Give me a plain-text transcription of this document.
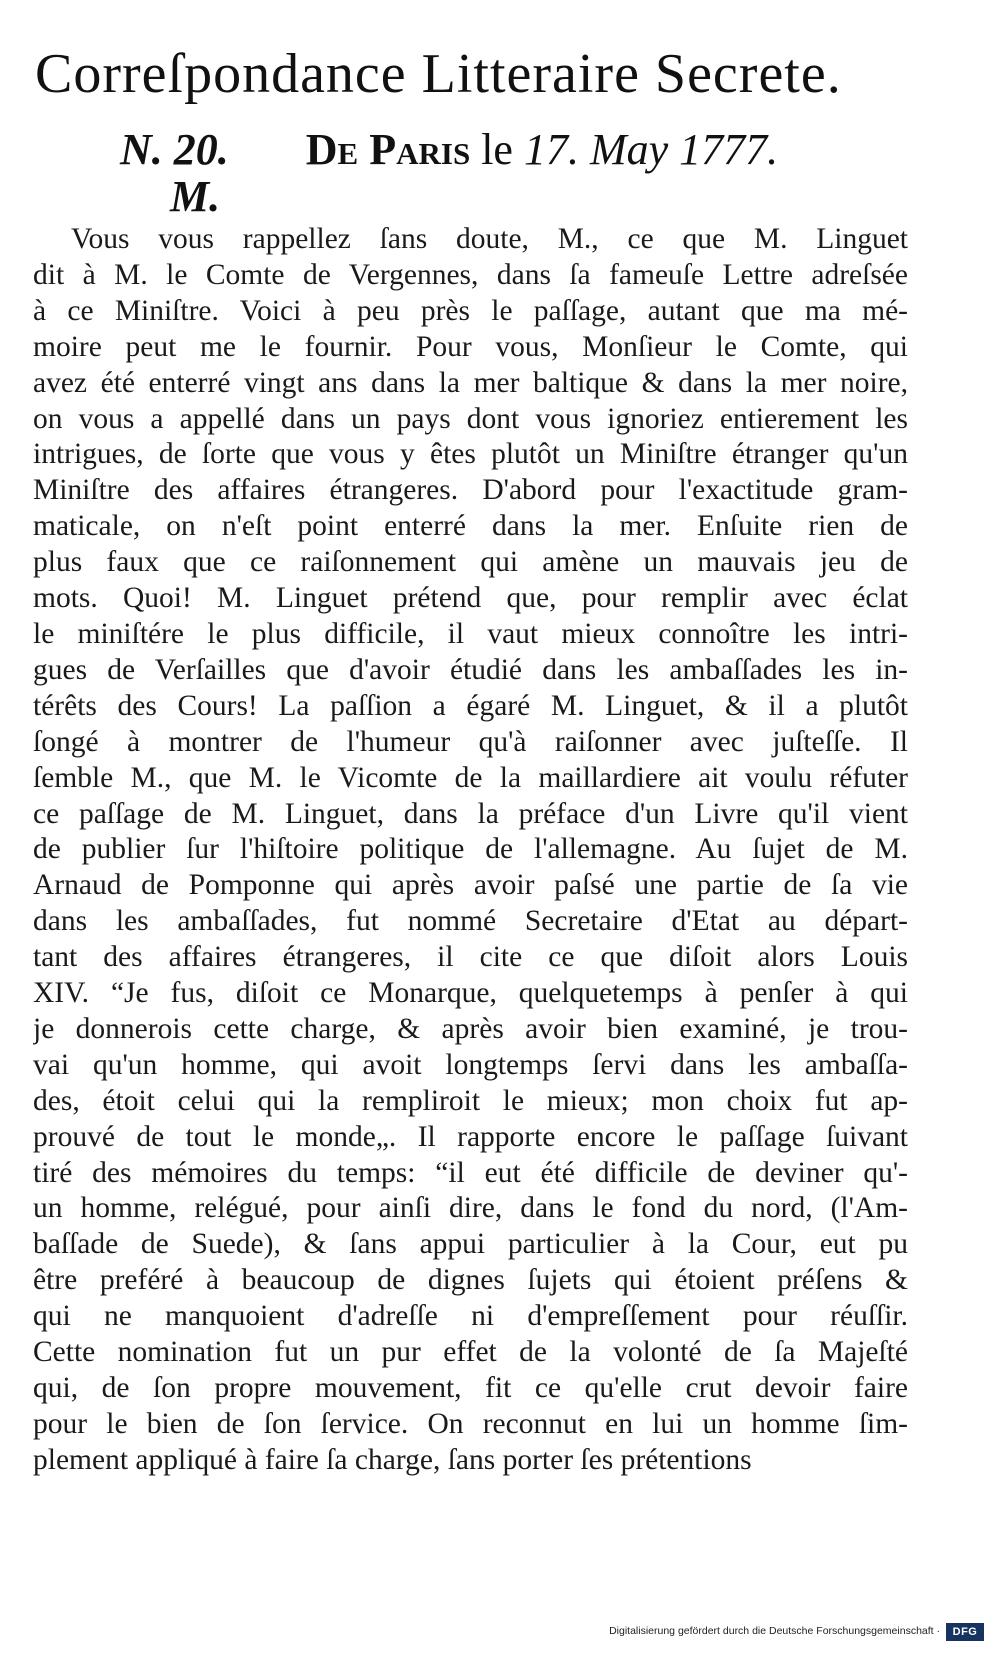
Correſpondance Litteraire Secrete.
N. 20. De Paris le 17. May 1777.
M.
Vous vous rappellez ſans doute, M., ce que M. Linguet
dit à M. le Comte de Vergennes, dans ſa fameuſe Lettre adreſsée
à ce Miniſtre. Voici à peu près le paſſage, autant que ma mé-
moire peut me le fournir. Pour vous, Monſieur le Comte, qui
avez été enterré vingt ans dans la mer baltique & dans la mer noire,
on vous a appellé dans un pays dont vous ignoriez entierement les
intrigues, de ſorte que vous y êtes plutôt un Miniſtre étranger qu'un
Miniſtre des affaires étrangeres. D'abord pour l'exactitude gram-
maticale, on n'eſt point enterré dans la mer. Enſuite rien de
plus faux que ce raiſonnement qui amène un mauvais jeu de
mots. Quoi! M. Linguet prétend que, pour remplir avec éclat
le miniſtére le plus difficile, il vaut mieux connoître les intri-
gues de Verſailles que d'avoir étudié dans les ambaſſades les in-
térêts des Cours! La paſſion a égaré M. Linguet, & il a plutôt
ſongé à montrer de l'humeur qu'à raiſonner avec juſteſſe. Il
ſemble M., que M. le Vicomte de la maillardiere ait voulu réfuter
ce paſſage de M. Linguet, dans la préface d'un Livre qu'il vient
de publier ſur l'hiſtoire politique de l'allemagne. Au ſujet de M.
Arnaud de Pomponne qui après avoir paſsé une partie de ſa vie
dans les ambaſſades, fut nommé Secretaire d'Etat au départ-
tant des affaires étrangeres, il cite ce que diſoit alors Louis
XIV. “Je fus, diſoit ce Monarque, quelquetemps à penſer à qui
je donnerois cette charge, & après avoir bien examiné, je trou-
vai qu'un homme, qui avoit longtemps ſervi dans les ambaſſa-
des, étoit celui qui la rempliroit le mieux; mon choix fut ap-
prouvé de tout le monde„. Il rapporte encore le paſſage ſuivant
tiré des mémoires du temps: “il eut été difficile de deviner qu'-
un homme, relégué, pour ainſi dire, dans le fond du nord, (l'Am-
baſſade de Suede), & ſans appui particulier à la Cour, eut pu
être preféré à beaucoup de dignes ſujets qui étoient préſens &
qui ne manquoient d'adreſſe ni d'empreſſement pour réuſſir.
Cette nomination fut un pur effet de la volonté de ſa Majeſté
qui, de ſon propre mouvement, fit ce qu'elle crut devoir faire
pour le bien de ſon ſervice. On reconnut en lui un homme ſim-
plement appliqué à faire ſa charge, ſans porter ſes prétentions
Digitalisierung gefördert durch die Deutsche Forschungsgemeinschaft ·	DFG
